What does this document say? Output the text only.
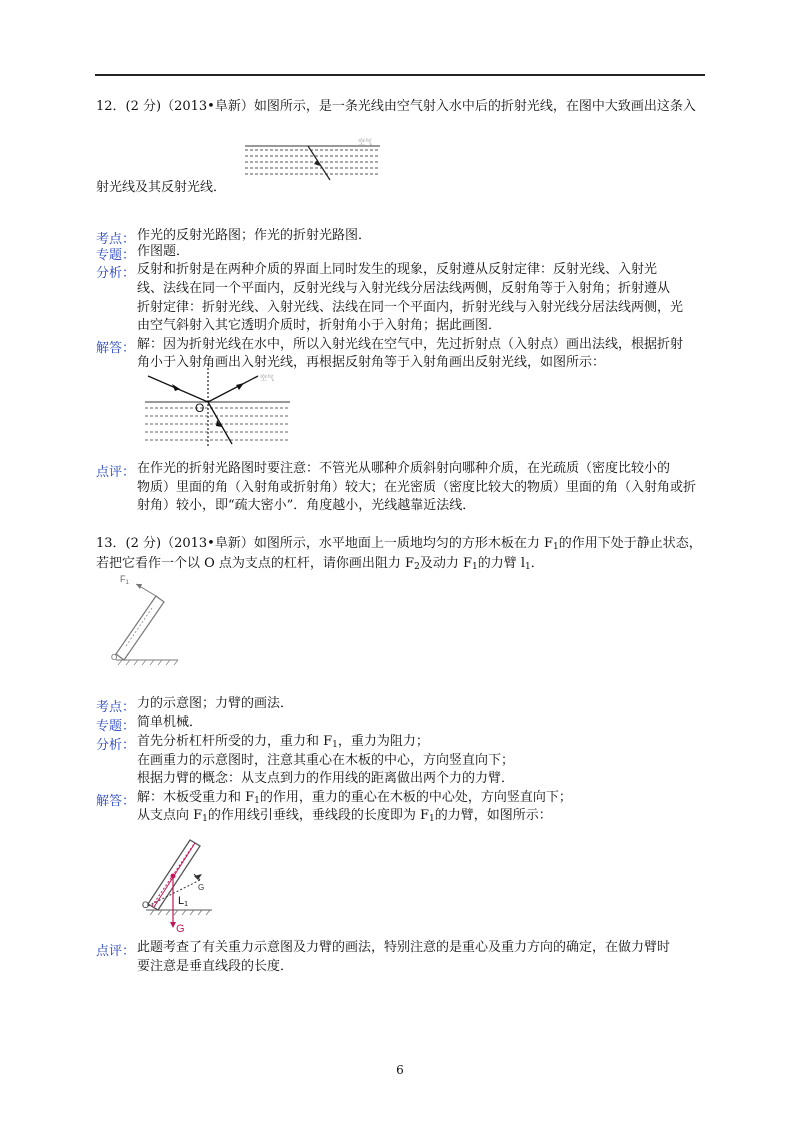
12．(2 分)（2013•阜新）如图所示，是一条光线由空气射入水中后的折射光线，在图中大致画出这条入
空气
射光线及其反射光线．
考点： 作光的反射光路图；作光的折射光路图．
专题： 作图题．
分析： 反射和折射是在两种介质的界面上同时发生的现象，反射遵从反射定律：反射光线、入射光
线、法线在同一个平面内，反射光线与入射光线分居法线两侧，反射角等于入射角；折射遵从
折射定律：折射光线、入射光线、法线在同一个平面内，折射光线与入射光线分居法线两侧，光
由空气斜射入其它透明介质时，折射角小于入射角；据此画图．
解答： 解：因为折射光线在水中，所以入射光线在空气中，先过折射点（入射点）画出法线，根据折射
角小于入射角画出入射光线，再根据反射角等于入射角画出反射光线，如图所示：
O
空气
点评： 在作光的折射光路图时要注意：不管光从哪种介质斜射向哪种介质，在光疏质（密度比较小的
物质）里面的角（入射角或折射角）较大；在光密质（密度比较大的物质）里面的角（入射角或折
射角）较小，即“疏大密小”．角度越小，光线越靠近法线．
13．(2 分)（2013•阜新）如图所示，水平地面上一质地均匀的方形木板在力 $F_1$的作用下处于静止状态，
若把它看作一个以 O 点为支点的杠杆，请你画出阻力 $F_2$及动力 $F_1$的力臂 $l_1$．
$F_1$
O
考点： 力的示意图；力臂的画法．
专题： 简单机械．
分析： 首先分析杠杆所受的力，重力和 $F_1$，重力为阻力；
在画重力的示意图时，注意其重心在木板的中心，方向竖直向下；
根据力臂的概念：从支点到力的作用线的距离做出两个力的力臂．
解答： 解：木板受重力和 $F_1$的作用，重力的重心在木板的中心处，方向竖直向下；
从支点向 $F_1$的作用线引垂线，垂线段的长度即为 $F_1$的力臂，如图所示：
G
O	L1
G
点评： 此题考查了有关重力示意图及力臂的画法，特别注意的是重心及重力方向的确定，在做力臂时
要注意是垂直线段的长度．
6
